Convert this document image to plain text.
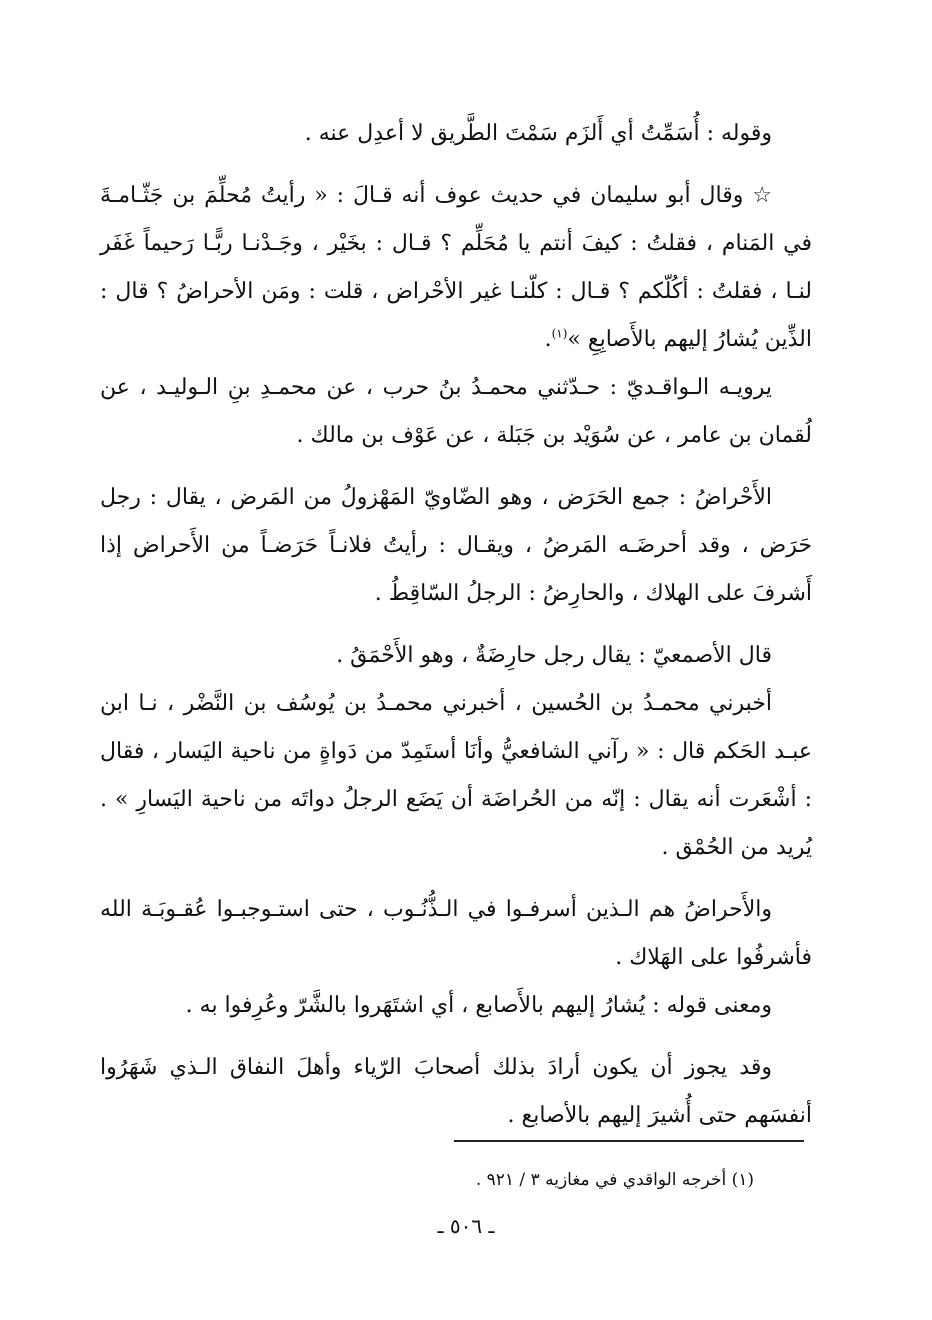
وقوله : أُسَمِّتُ أي أَلزَم سَمْتَ الطَّريق لا أعدِل عنه .

☆ وقال أبو سليمان في حديث عوف أنه قـالَ : « رأيتُ مُحلِّمَ بن جَثّـامـةَ في المَنام ، فقلتُ : كيفَ أنتم يا مُحَلِّم ؟ قـال : بخَيْر ، وجَـدْنـا ربًّـا رَحيماً غَفَر لنـا ، فقلتُ : أكُلّكم ؟ قـال : كلّنـا غير الأحْراض ، قلت : ومَن الأحراضُ ؟ قال : الذِّين يُشارُ إليهم بالأَصابِعِ »$^{(١)}$.

يرويـه الـواقـديّ : حـدّثني محمـدُ بنُ حرب ، عن محمـدِ بنِ الـوليـد ، عن لُقمان بن عامر ، عن سُوَيْد بن جَبَلة ، عن عَوْف بن مالك .

الأَحْراضُ : جمع الحَرَض ، وهو الضّاويّ المَهْزولُ من المَرض ، يقال : رجل حَرَض ، وقد أحرضَـه المَرضُ ، ويقـال : رأيتُ فلانـاً حَرَضـاً من الأَحراض إذا أَشرفَ على الهلاك ، والحارِضُ : الرجلُ السّاقِطُ .

قال الأصمعيّ : يقال رجل حارِضَةٌ ، وهو الأَحْمَقُ .

أخبرني محمـدُ بن الحُسين ، أخبرني محمـدُ بن يُوسُف بن النَّضْر ، نـا ابن عبـد الحَكم قال : « رآني الشافعيُّ وأنَا أستَمِدّ من دَواةٍ من ناحية اليَسار ، فقال : أشْعَرت أنه يقال : إنّه من الحُراضَة أن يَضَع الرجلُ دواتَه من ناحية اليَسارِ » . يُريد من الحُمْق .

والأَحراضُ هم الـذين أسرفـوا في الـذُّنُـوب ، حتى استـوجبـوا عُقـوبَـة الله فأشرفُوا على الهَلاك .

ومعنى قوله : يُشارُ إليهم بالأَصابع ، أي اشتَهَروا بالشَّرّ وعُرِفوا به .

وقد يجوز أن يكون أرادَ بذلك أصحابَ الرّياء وأهلَ النفاق الـذي شَهَرُوا أنفسَهم حتى أُشيرَ إليهم بالأصابع .

(١) أخرجه الواقدي في مغازيه ٣ / ٩٢١ .

ـ ٥٠٦ ـ
